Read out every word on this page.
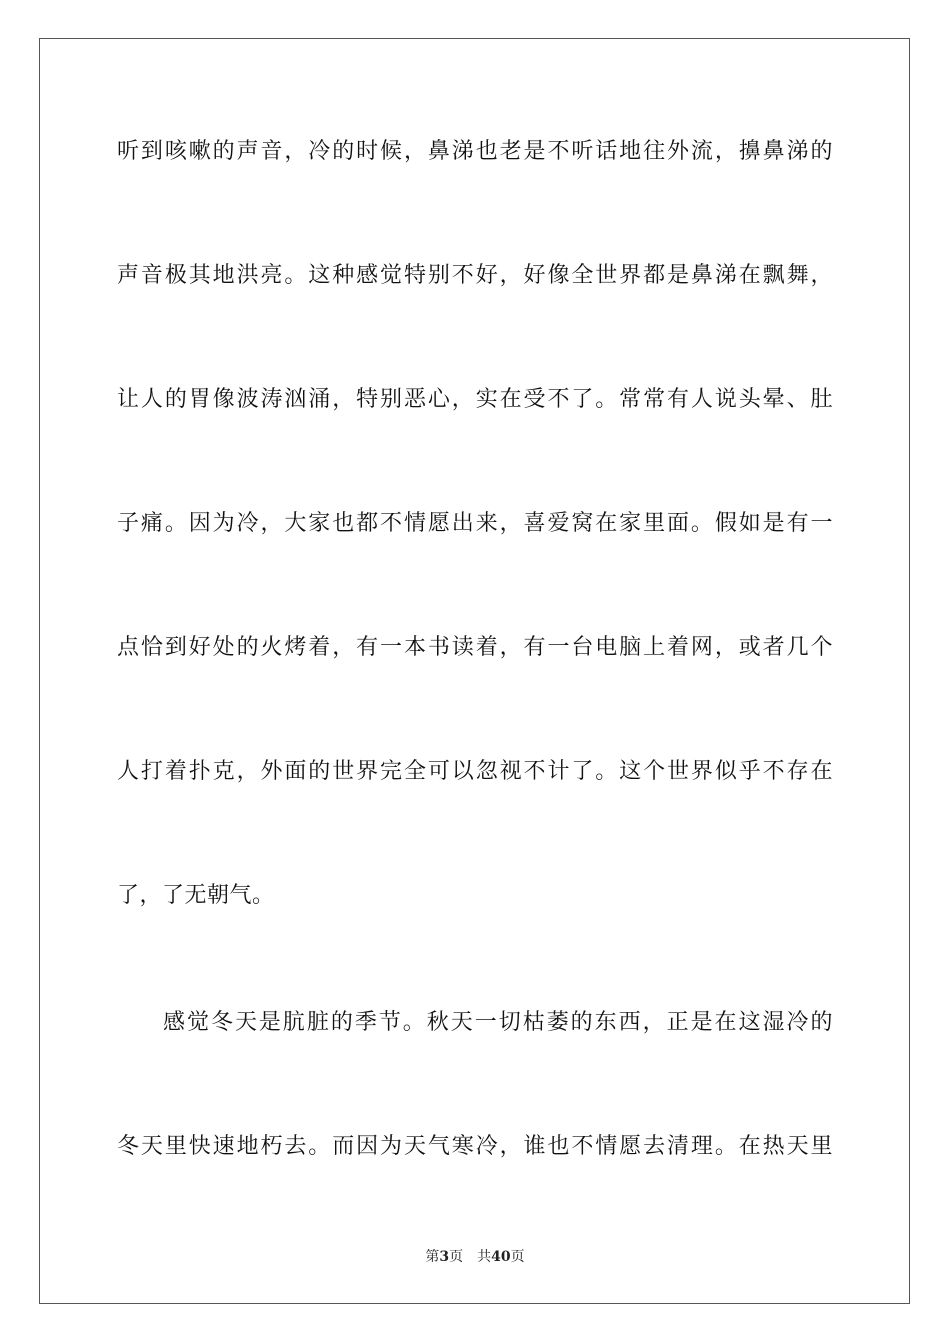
听到咳嗽的声音，冷的时候，鼻涕也老是不听话地往外流，擤鼻涕的
声音极其地洪亮。这种感觉特别不好，好像全世界都是鼻涕在飘舞，
让人的胃像波涛汹涌，特别恶心，实在受不了。常常有人说头晕、肚
子痛。因为冷，大家也都不情愿出来，喜爱窝在家里面。假如是有一
点恰到好处的火烤着，有一本书读着，有一台电脑上着网，或者几个
人打着扑克，外面的世界完全可以忽视不计了。这个世界似乎不存在
了，了无朝气。
感觉冬天是肮脏的季节。秋天一切枯萎的东西，正是在这湿冷的
冬天里快速地朽去。而因为天气寒冷，谁也不情愿去清理。在热天里
第3页 共40页
